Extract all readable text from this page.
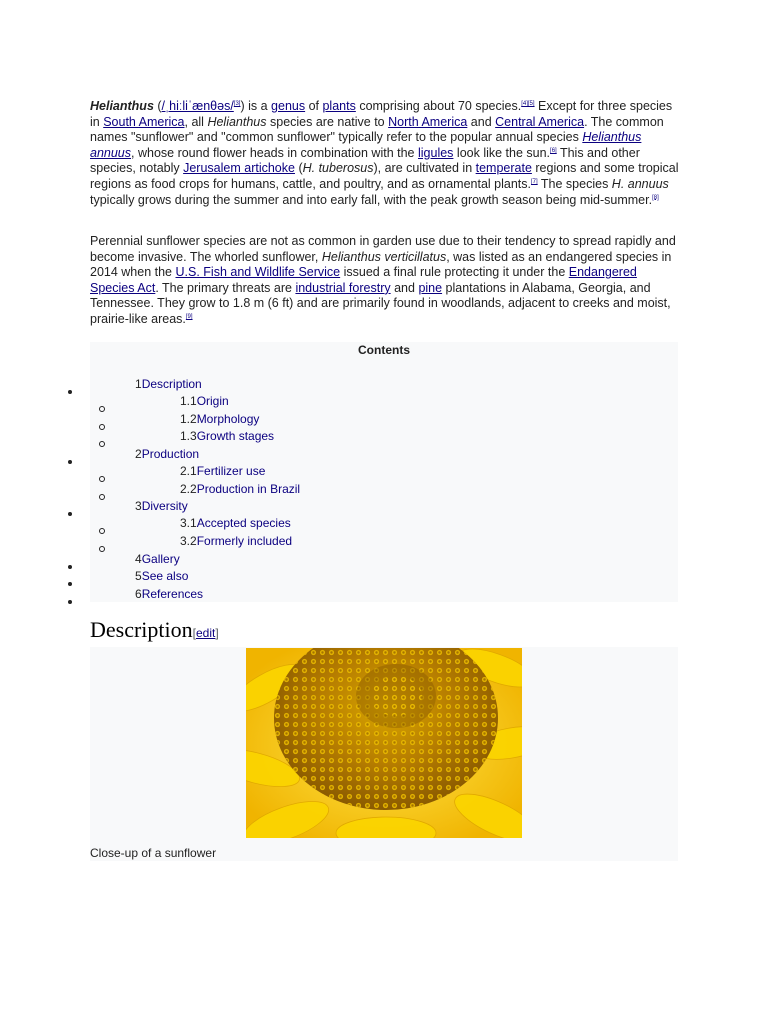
Helianthus (/ˌhiːliˈænθəs/[3]) is a genus of plants comprising about 70 species.[4][5] Except for three species in South America, all Helianthus species are native to North America and Central America. The common names "sunflower" and "common sunflower" typically refer to the popular annual species Helianthus annuus, whose round flower heads in combination with the ligules look like the sun.[6] This and other species, notably Jerusalem artichoke (H. tuberosus), are cultivated in temperate regions and some tropical regions as food crops for humans, cattle, and poultry, and as ornamental plants.[7] The species H. annuus typically grows during the summer and into early fall, with the peak growth season being mid-summer.[8]

Perennial sunflower species are not as common in garden use due to their tendency to spread rapidly and become invasive. The whorled sunflower, Helianthus verticillatus, was listed as an endangered species in 2014 when the U.S. Fish and Wildlife Service issued a final rule protecting it under the Endangered Species Act. The primary threats are industrial forestry and pine plantations in Alabama, Georgia, and Tennessee. They grow to 1.8 m (6 ft) and are primarily found in woodlands, adjacent to creeks and moist, prairie-like areas.[9]

Contents
1Description
1.1Origin
1.2Morphology
1.3Growth stages
2Production
2.1Fertilizer use
2.2Production in Brazil
3Diversity
3.1Accepted species
3.2Formerly included
4Gallery
5See also
6References
Description[edit]
Close-up of a sunflower
